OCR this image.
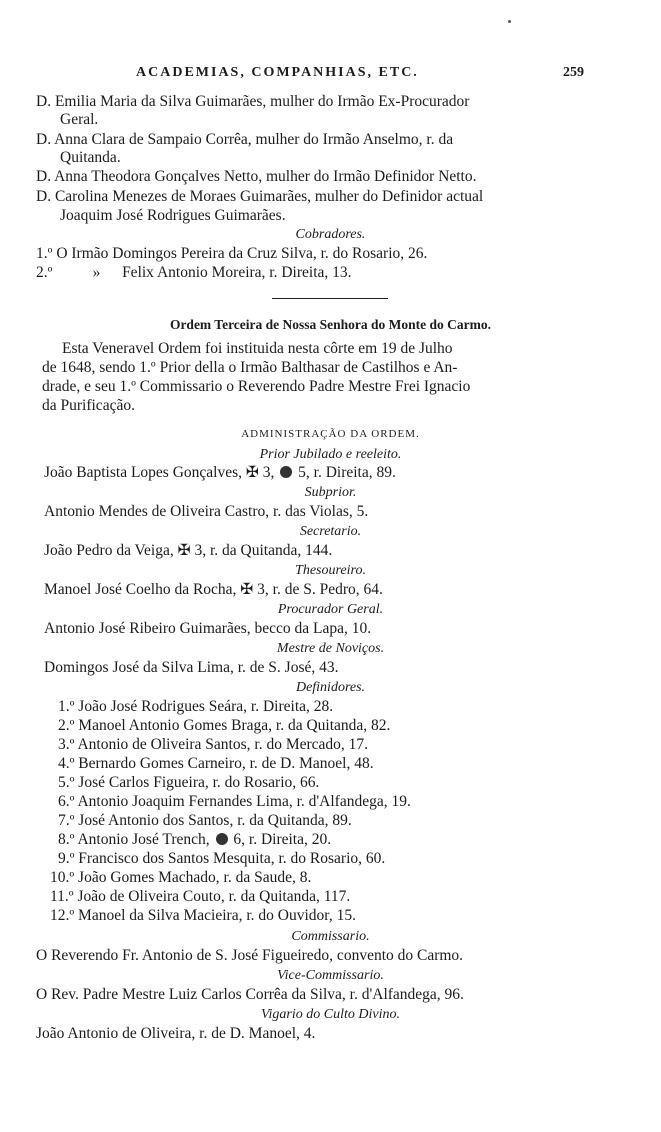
ACADEMIAS, COMPANHIAS, ETC.	259
D. Emilia Maria da Silva Guimarães, mulher do Irmão Ex-Procurador
Geral.
D. Anna Clara de Sampaio Corrêa, mulher do Irmão Anselmo, r. da
Quitanda.
D. Anna Theodora Gonçalves Netto, mulher do Irmão Definidor Netto.
D. Carolina Menezes de Moraes Guimarães, mulher do Definidor actual
Joaquim José Rodrigues Guimarães.
Cobradores.
1.º O Irmão Domingos Pereira da Cruz Silva, r. do Rosario, 26.
2.º	» Felix Antonio Moreira, r. Direita, 13.
Ordem Terceira de Nossa Senhora do Monte do Carmo.
Esta Veneravel Ordem foi instituida nesta côrte em 19 de Julho
de 1648, sendo 1.º Prior della o Irmão Balthasar de Castilhos e An-
drade, e seu 1.º Commissario o Reverendo Padre Mestre Frei Ignacio
da Purificação.
ADMINISTRAÇÃO DA ORDEM.
Prior Jubilado e reeleito.
João Baptista Lopes Gonçalves, ✠ 3, 5, r. Direita, 89.
Subprior.
Antonio Mendes de Oliveira Castro, r. das Violas, 5.
Secretario.
João Pedro da Veiga, ✠ 3, r. da Quitanda, 144.
Thesoureiro.
Manoel José Coelho da Rocha, ✠ 3, r. de S. Pedro, 64.
Procurador Geral.
Antonio José Ribeiro Guimarães, becco da Lapa, 10.
Mestre de Noviços.
Domingos José da Silva Lima, r. de S. José, 43.
Definidores.
1.º João José Rodrigues Seára, r. Direita, 28.
2.º Manoel Antonio Gomes Braga, r. da Quitanda, 82.
3.º Antonio de Oliveira Santos, r. do Mercado, 17.
4.º Bernardo Gomes Carneiro, r. de D. Manoel, 48.
5.º José Carlos Figueira, r. do Rosario, 66.
6.º Antonio Joaquim Fernandes Lima, r. d'Alfandega, 19.
7.º José Antonio dos Santos, r. da Quitanda, 89.
8.º Antonio José Trench, 6, r. Direita, 20.
9.º Francisco dos Santos Mesquita, r. do Rosario, 60.
10.º João Gomes Machado, r. da Saude, 8.
11.º João de Oliveira Couto, r. da Quitanda, 117.
12.º Manoel da Silva Macieira, r. do Ouvidor, 15.
Commissario.
O Reverendo Fr. Antonio de S. José Figueiredo, convento do Carmo.
Vice-Commissario.
O Rev. Padre Mestre Luiz Carlos Corrêa da Silva, r. d'Alfandega, 96.
Vigario do Culto Divino.
João Antonio de Oliveira, r. de D. Manoel, 4.
